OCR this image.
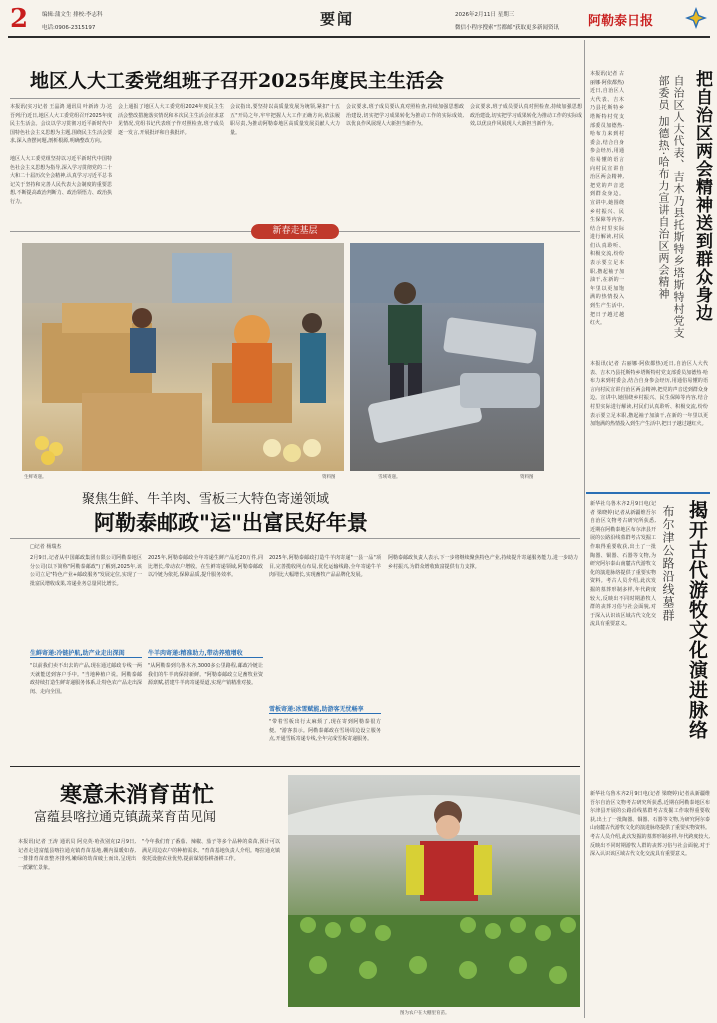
2	编辑:蒲文生 排校:李志科
电话:0906-2315197	要闻	2026年2月11日 星期三
微信小程序搜索"雪都邮"获取更多新闻资讯 阿勒泰日报
地区人大工委党组班子召开2025年度民主生活会
本报讯(实习记者 王晶鸿 通讯员 叶新涛 力·达吾列汗)近日,地区人大工委党组召开2025年度民主生活会。会议以学习贯彻习近平新时代中国特色社会主义思想为主题,围绕民主生活会要求,深入查摆问题,剖析根源,明确整改方向。
地区人大工委党组坚持以习近平新时代中国特色社会主义思想为指导,深入学习贯彻党的二十大和二十届历次全会精神,认真学习习近平总书记关于坚持和完善人民代表大会制度的重要思想,不断提高政治判断力、政治领悟力、政治执行力。
会上通报了地区人大工委党组2024年度民主生活会整改措施落实情况和本次民主生活会征求意见情况,党组书记代表班子作对照检查,班子成员逐一发言,开展批评和自我批评。
会议指出,要坚持以高质量发展为统领,紧扣"十五五"开局之年,牢牢把握人大工作正确方向,依法履职尽责,为推动阿勒泰地区高质量发展贡献人大力量。
会议要求,班子成员要认真对照检查,持续加强思想政治建设,切实把学习成果转化为推动工作的实际成效,以优良作风展现人大新担当新作为。
会议要求,班子成员要认真对照检查,持续加强思想政治建设,切实把学习成果转化为推动工作的实际成效,以优良作风展现人大新担当新作为。
新春走基层
生鲜寄递。	资料图	雪域寄递。	资料图
聚焦生鲜、牛羊肉、雪板三大特色寄递领域
阿勒泰邮政"运"出富民好年景
□记者 杨瑞杰
2月9日,记者从中国邮政集团有限公司阿勒泰地区分公司(以下简称"阿勒泰邮政")了解到,2025年,该公司立足"特色产业+邮政服务"发展定位,实现了一批富民增收成果,寄递业务总量同比增长。
生鲜寄递:冷链护航,助产业走出深闺
"以前我们卖不出去的产品,现在通过邮政专线一两天就能送到客户手中。"当地种植户说。阿勒泰邮政持续打造生鲜寄递服务体系,让特色农产品走出深闺、走向全国。
2025年,阿勒泰邮政全年寄递生鲜产品近20万件,同比增长,带动农户增收。在生鲜寄递领域,阿勒泰邮政以冷链为依托,保障品质,提升服务效率。
牛羊肉寄递:精准助力,带动养殖增收
"从阿勒泰到乌鲁木齐,3000多公里路程,邮政冷链让我们的牛羊肉保持新鲜。"阿勒泰邮政立足畜牧业资源禀赋,搭建牛羊肉寄递渠道,实现产销精准对接。
2025年,阿勒泰邮政打造牛羊肉寄递"一县一品"项目,完善揽收网点布局,优化运输线路,全年寄递牛羊肉同比大幅增长,实现畜牧产品品牌化发展。
雪板寄递:冰雪赋能,助游客无忧畅享
"带着雪板出行太麻烦了,现在寄到阿勒泰很方便。"游客表示。阿勒泰邮政在雪场周边设立服务点,开通雪板寄递专线,全年完成雪板寄递服务。
阿勒泰邮政负责人表示,下一步将继续聚焦特色产业,持续提升寄递服务能力,进一步助力乡村振兴,为群众增收致富提供有力支撑。
寒意未消育苗忙
富蕴县喀拉通克镇蔬菜育苗见闻
本报讯(记者 王涛 通讯员 阿克英·哈孜别克)2月9日,记者走进富蕴县喀拉通克镇育苗基地,棚内温暖如春,一排排育苗盘整齐排列,嫩绿的幼苗破土而出,呈现出一派繁忙景象。
"今年我们育了番茄、辣椒、茄子等多个品种的菜苗,预计可以满足周边农户的种植需求。"育苗基地负责人介绍。喀拉通克镇依托设施农业优势,提前谋划春耕备耕工作。
图为农户在大棚里育苗。
把自治区两会精神送到群众身边
自治区人大代表、吉木乃县托斯特乡塔斯特村党支部委员 加德热·哈布力宣讲自治区两会精神
本报讯(记者 古丽娜·阿依都热)近日,自治区人大代表、吉木乃县托斯特乡塔斯特村党支部委员加德热·哈布力来到村委会,结合自身参会经历,用通俗易懂的语言向村民宣讲自治区两会精神,把党的声音送到群众身边。宣讲中,她围绕乡村振兴、民生保障等内容,结合村里实际进行解读,村民们认真聆听、积极交流,纷纷表示要立足本职,撸起袖子加油干,在新的一年里以更加饱满的热情投入到生产生活中,把日子越过越红火。
本报讯(记者 古丽娜·阿依都热)近日,自治区人大代表、吉木乃县托斯特乡塔斯特村党支部委员加德热·哈布力来到村委会,结合自身参会经历,用通俗易懂的语言向村民宣讲自治区两会精神,把党的声音送到群众身边。宣讲中,她围绕乡村振兴、民生保障等内容,结合村里实际进行解读,村民们认真聆听、积极交流,纷纷表示要立足本职,撸起袖子加油干,在新的一年里以更加饱满的热情投入到生产生活中,把日子越过越红火。
揭开古代游牧文化演进脉络
布尔津公路沿线墓群
新华社乌鲁木齐2月9日电(记者 梁晓婷)记者从新疆维吾尔自治区文物考古研究所获悉,近期在阿勒泰地区布尔津县开展的公路沿线墓群考古发掘工作取得重要收获,出土了一批陶器、铜器、石器等文物,为研究阿尔泰山南麓古代游牧文化的演进脉络提供了重要实物资料。考古人员介绍,此次发掘的墓葬形制多样,年代跨度较大,反映出不同时期游牧人群的丧葬习俗与社会面貌,对于深入认识该区域古代文化交流具有重要意义。
新华社乌鲁木齐2月9日电(记者 梁晓婷)记者从新疆维吾尔自治区文物考古研究所获悉,近期在阿勒泰地区布尔津县开展的公路沿线墓群考古发掘工作取得重要收获,出土了一批陶器、铜器、石器等文物,为研究阿尔泰山南麓古代游牧文化的演进脉络提供了重要实物资料。考古人员介绍,此次发掘的墓葬形制多样,年代跨度较大,反映出不同时期游牧人群的丧葬习俗与社会面貌,对于深入认识该区域古代文化交流具有重要意义。
